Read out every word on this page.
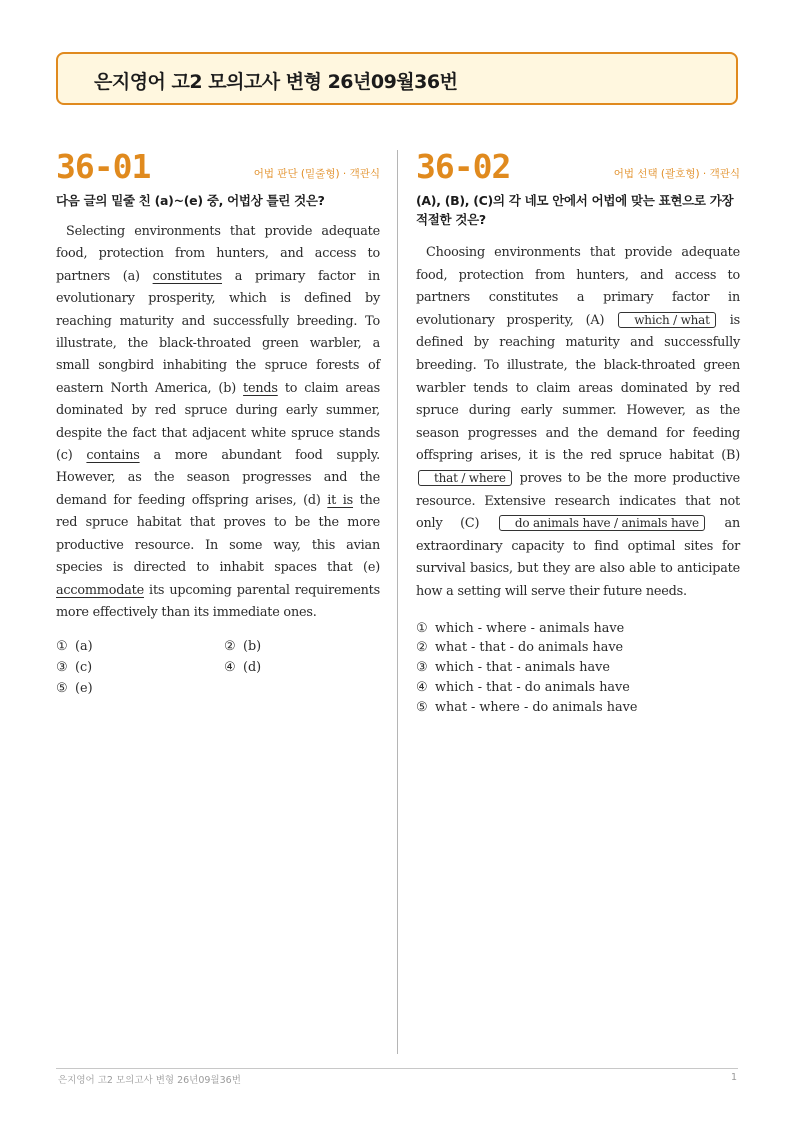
은지영어 고2 모의고사 변형 26년09월36번
36-01	어법 판단 (밑줄형) · 객관식
다음 글의 밑줄 친 (a)~(e) 중, 어법상 틀린 것은?

Selecting environments that provide adequate food, protection from hunters, and access to partners (a) constitutes a primary factor in evolutionary prosperity, which is defined by reaching maturity and successfully breeding. To illustrate, the black-throated green warbler, a small songbird inhabiting the spruce forests of eastern North America, (b) tends to claim areas dominated by red spruce during early summer, despite the fact that adjacent white spruce stands (c) contains a more abundant food supply. However, as the season progresses and the demand for feeding offspring arises, (d) it is the red spruce habitat that proves to be the more productive resource. In some way, this avian species is directed to inhabit spaces that (e) accommodate its upcoming parental requirements more effectively than its immediate ones.

① (a)	② (b)
③ (c)	④ (d)
⑤ (e)
36-02	어법 선택 (괄호형) · 객관식
(A), (B), (C)의 각 네모 안에서 어법에 맞는 표현으로 가장 적절한 것은?

Choosing environments that provide adequate food, protection from hunters, and access to partners constitutes a primary factor in evolutionary prosperity, (A) which / what is defined by reaching maturity and successfully breeding. To illustrate, the black-throated green warbler tends to claim areas dominated by red spruce during early summer. However, as the season progresses and the demand for feeding offspring arises, it is the red spruce habitat (B) that / where proves to be the more productive resource. Extensive research indicates that not only (C) do animals have / animals have an extraordinary capacity to find optimal sites for survival basics, but they are also able to anticipate how a setting will serve their future needs.

① which - where - animals have
② what - that - do animals have
③ which - that - animals have
④ which - that - do animals have
⑤ what - where - do animals have
은지영어 고2 모의고사 변형 26년09월36번	1
